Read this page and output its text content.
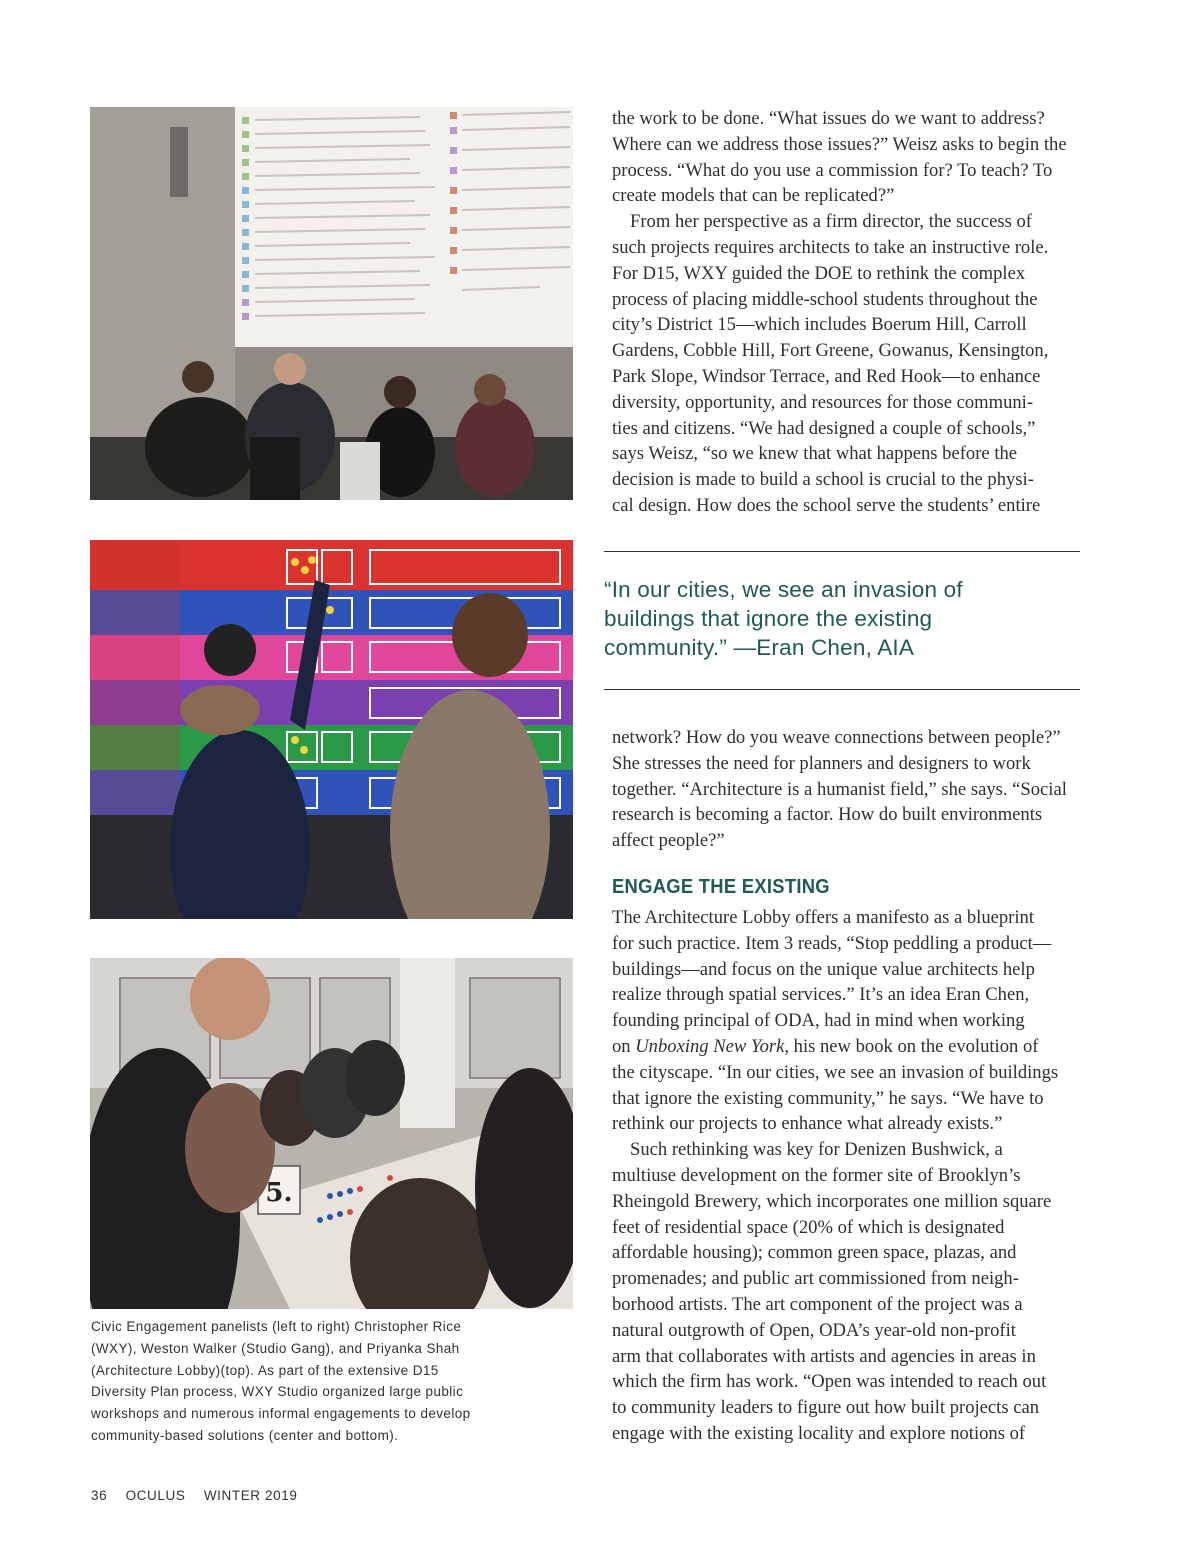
5.
Civic Engagement panelists (left to right) Christopher Rice
(WXY), Weston Walker (Studio Gang), and Priyanka Shah
(Architecture Lobby)(top). As part of the extensive D15
Diversity Plan process, WXY Studio organized large public
workshops and numerous informal engagements to develop
community-based solutions (center and bottom).
36 OCULUS WINTER 2019
the work to be done. “What issues do we want to address?
Where can we address those issues?” Weisz asks to begin the
process. “What do you use a commission for? To teach? To
create models that can be replicated?”
From her perspective as a firm director, the success of
such projects requires architects to take an instructive role.
For D15, WXY guided the DOE to rethink the complex
process of placing middle-school students throughout the
city’s District 15—which includes Boerum Hill, Carroll
Gardens, Cobble Hill, Fort Greene, Gowanus, Kensington,
Park Slope, Windsor Terrace, and Red Hook—to enhance
diversity, opportunity, and resources for those communi-
ties and citizens. “We had designed a couple of schools,”
says Weisz, “so we knew that what happens before the
decision is made to build a school is crucial to the physi-
cal design. How does the school serve the students’ entire
“In our cities, we see an invasion of
buildings that ignore the existing
community.” —Eran Chen, AIA
network? How do you weave connections between people?”
She stresses the need for planners and designers to work
together. “Architecture is a humanist field,” she says. “Social
research is becoming a factor. How do built environments
affect people?”
ENGAGE THE EXISTING
The Architecture Lobby offers a manifesto as a blueprint
for such practice. Item 3 reads, “Stop peddling a product—
buildings—and focus on the unique value architects help
realize through spatial services.” It’s an idea Eran Chen,
founding principal of ODA, had in mind when working
on Unboxing New York, his new book on the evolution of
the cityscape. “In our cities, we see an invasion of buildings
that ignore the existing community,” he says. “We have to
rethink our projects to enhance what already exists.”
Such rethinking was key for Denizen Bushwick, a
multiuse development on the former site of Brooklyn’s
Rheingold Brewery, which incorporates one million square
feet of residential space (20% of which is designated
affordable housing); common green space, plazas, and
promenades; and public art commissioned from neigh-
borhood artists. The art component of the project was a
natural outgrowth of Open, ODA’s year-old non-profit
arm that collaborates with artists and agencies in areas in
which the firm has work. “Open was intended to reach out
to community leaders to figure out how built projects can
engage with the existing locality and explore notions of
